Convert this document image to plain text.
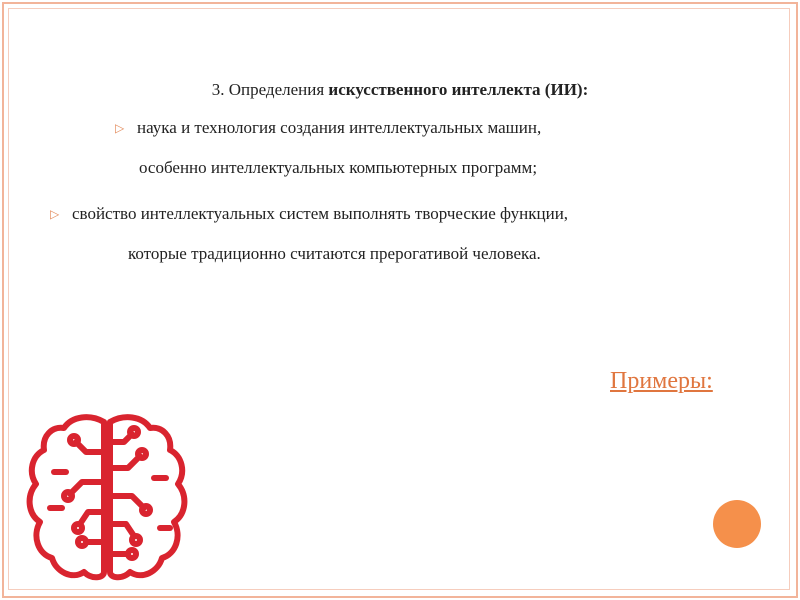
3. Определения искусственного интеллекта (ИИ):
▷ наука и технология создания интеллектуальных машин,
особенно интеллектуальных компьютерных программ;
▷ свойство интеллектуальных систем выполнять творческие функции,
которые традиционно считаются прерогативой человека.
Примеры:
